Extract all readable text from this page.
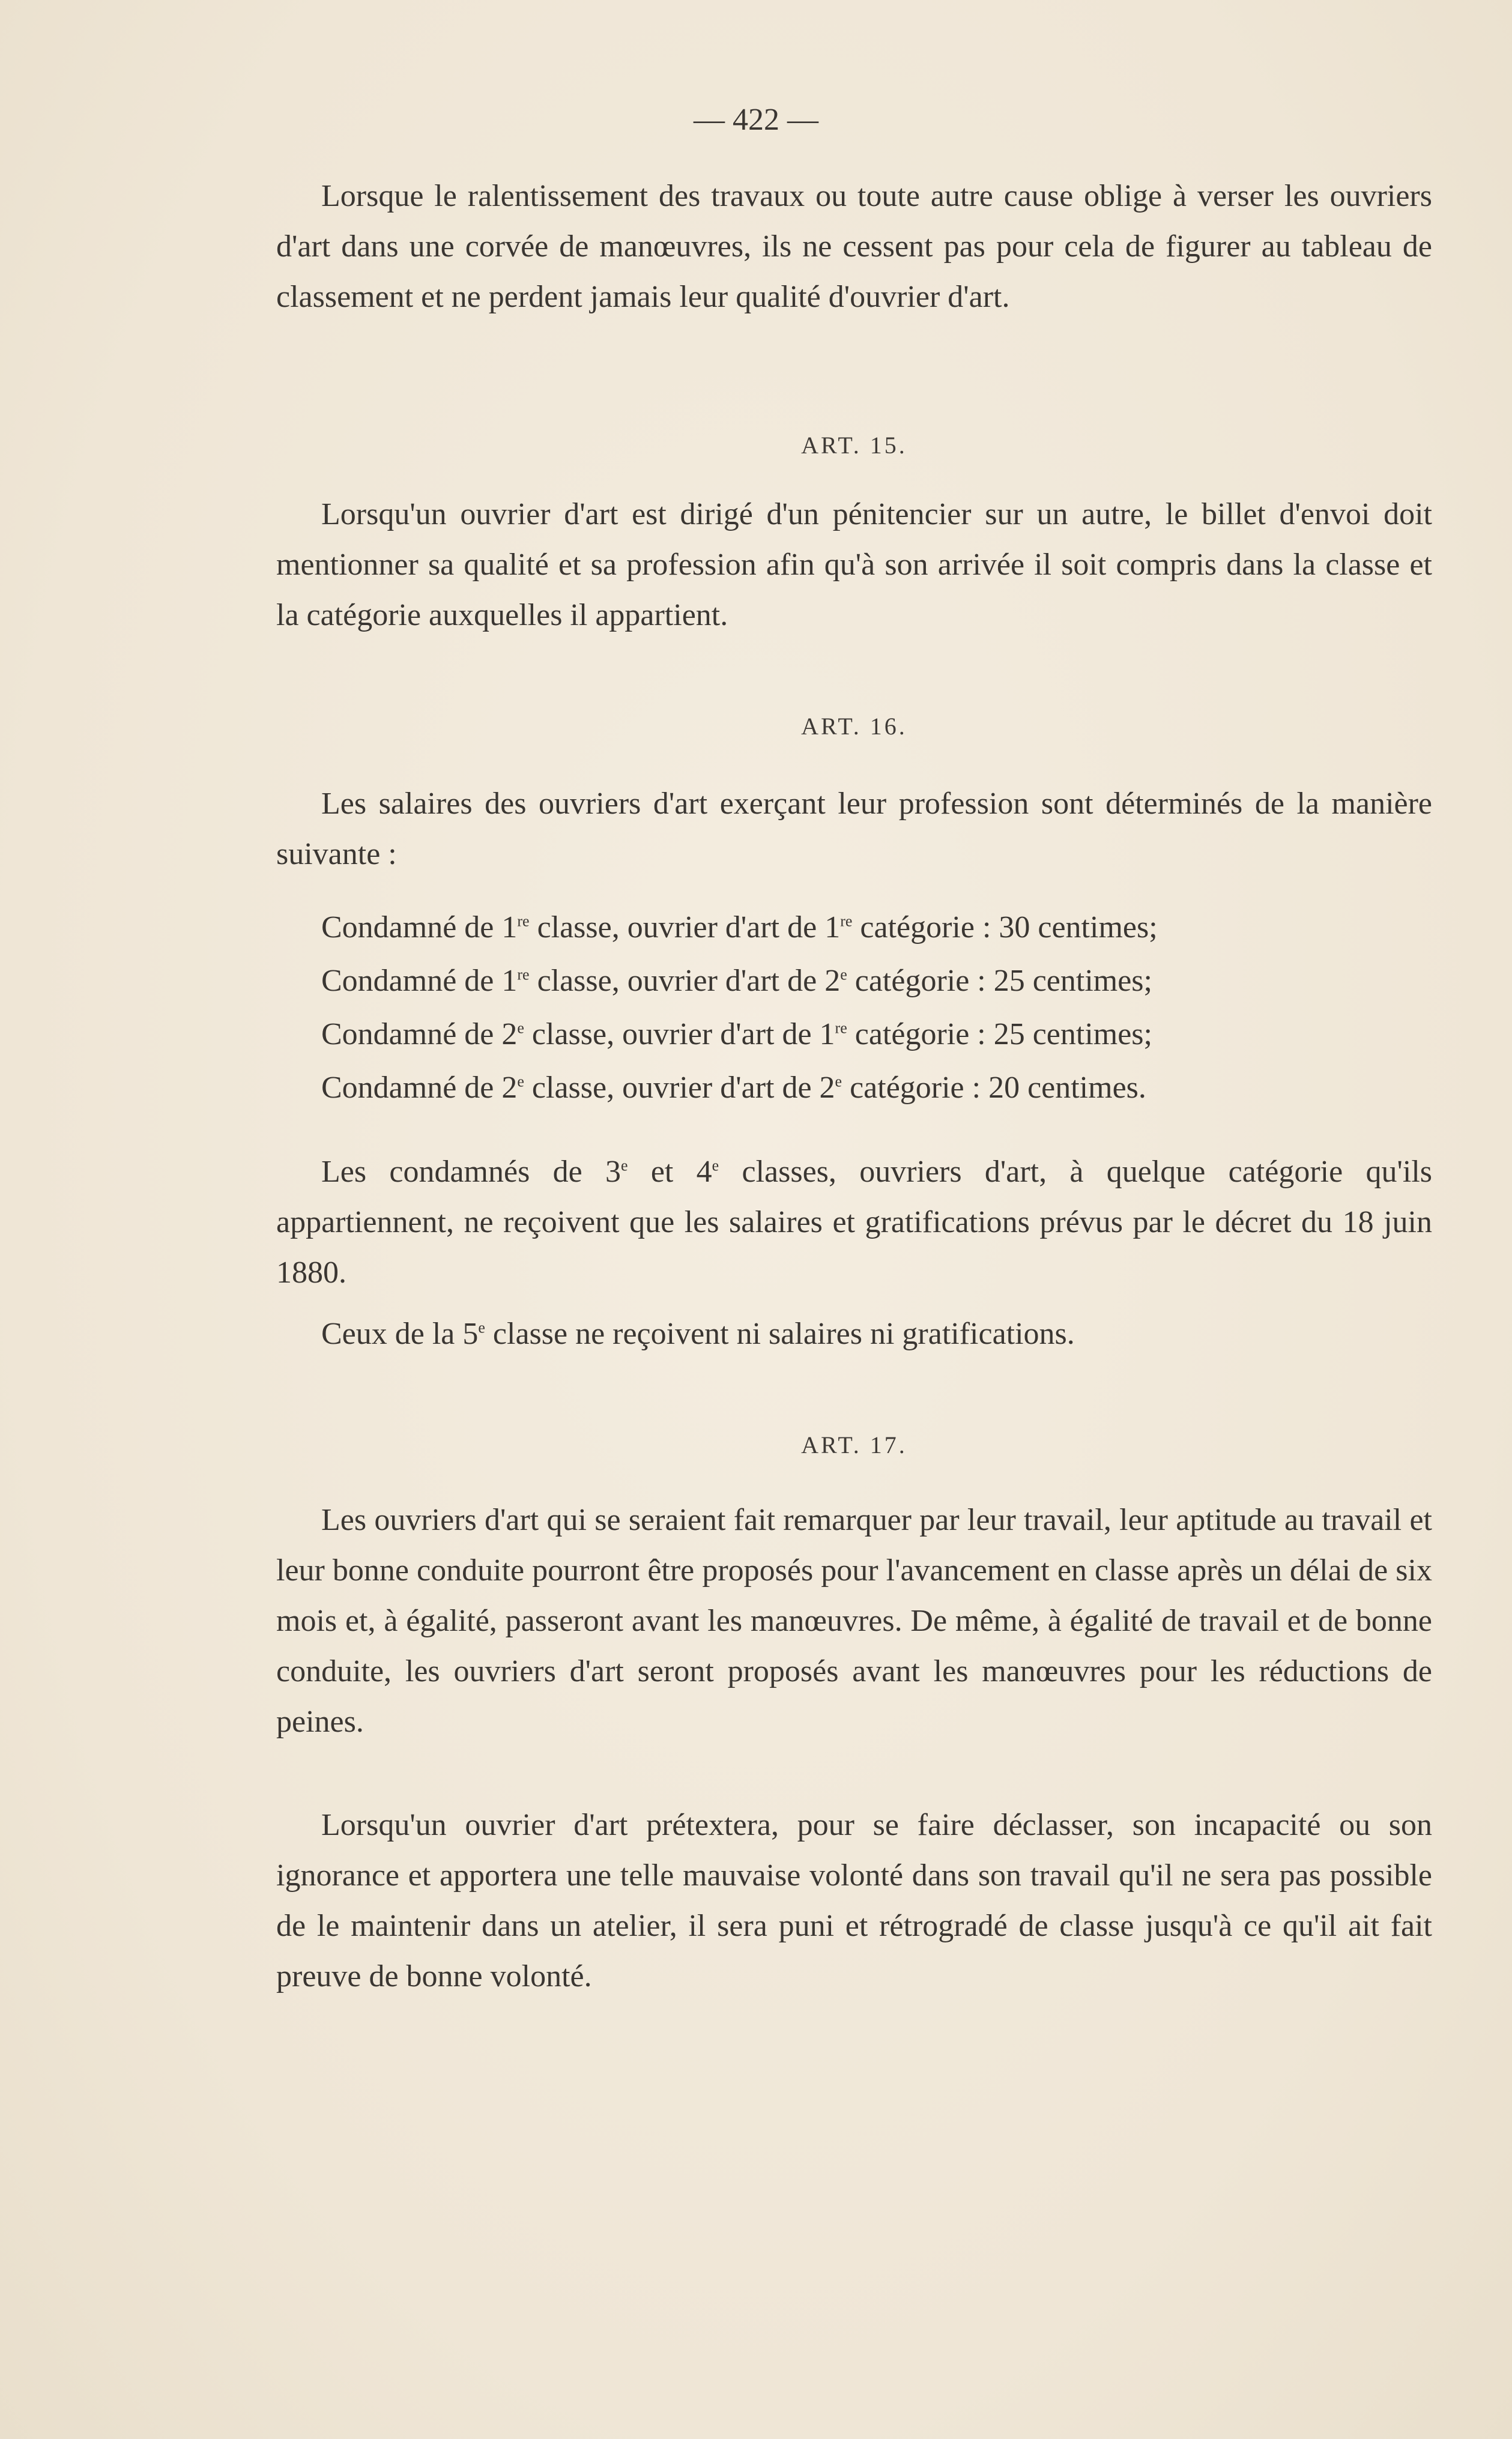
— 422 —

Lorsque le ralentissement des travaux ou toute autre cause oblige à verser les ouvriers d'art dans une corvée de manœuvres, ils ne cessent pas pour cela de figurer au tableau de classement et ne perdent jamais leur qualité d'ouvrier d'art.

ART. 15.

Lorsqu'un ouvrier d'art est dirigé d'un pénitencier sur un autre, le billet d'envoi doit mentionner sa qualité et sa profession afin qu'à son arrivée il soit compris dans la classe et la catégorie auxquelles il appartient.

ART. 16.

Les salaires des ouvriers d'art exerçant leur profession sont déterminés de la manière suivante :

Condamné de 1re classe, ouvrier d'art de 1re catégorie : 30 centimes;

Condamné de 1re classe, ouvrier d'art de 2e catégorie : 25 centimes;

Condamné de 2e classe, ouvrier d'art de 1re catégorie : 25 centimes;

Condamné de 2e classe, ouvrier d'art de 2e catégorie : 20 centimes.

Les condamnés de 3e et 4e classes, ouvriers d'art, à quelque catégorie qu'ils appartiennent, ne reçoivent que les salaires et gratifications prévus par le décret du 18 juin 1880.

Ceux de la 5e classe ne reçoivent ni salaires ni gratifications.

ART. 17.

Les ouvriers d'art qui se seraient fait remarquer par leur travail, leur aptitude au travail et leur bonne conduite pourront être proposés pour l'avancement en classe après un délai de six mois et, à égalité, passeront avant les manœuvres. De même, à égalité de travail et de bonne conduite, les ouvriers d'art seront proposés avant les manœuvres pour les réductions de peines.

Lorsqu'un ouvrier d'art prétextera, pour se faire déclasser, son incapacité ou son ignorance et apportera une telle mauvaise volonté dans son travail qu'il ne sera pas possible de le maintenir dans un atelier, il sera puni et rétrogradé de classe jusqu'à ce qu'il ait fait preuve de bonne volonté.
